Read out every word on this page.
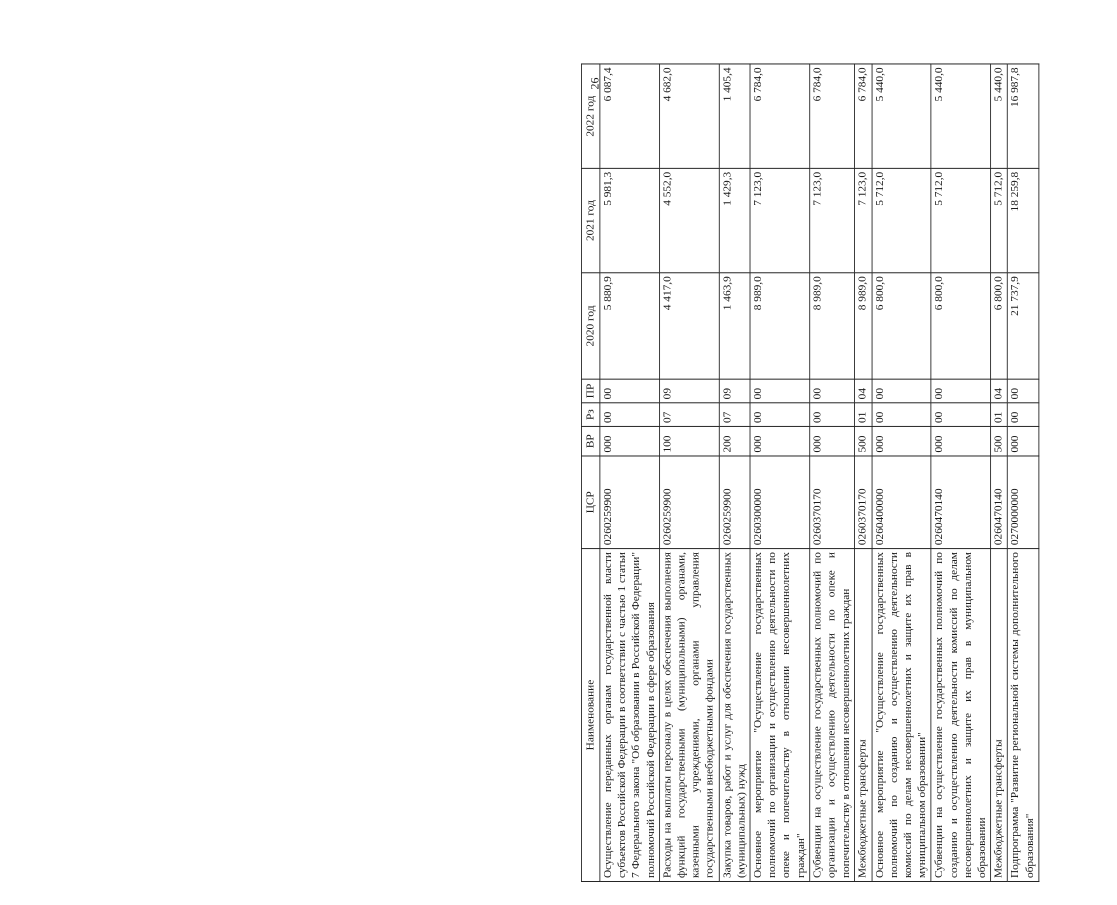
26
Наименование	ЦСР	ВР	Рз	ПР	2020 год	2021 год	2022 год
Осуществление переданных органам государственной власти субъектов Российской Федерации в соответствии с частью 1 статьи 7 Федерального закона "Об образовании в Российской Федерации" полномочий Российской Федерации в сфере образования	0260259900	000	00	00	5 880,9	5 981,3	6 087,4
Расходы на выплаты персоналу в целях обеспечения выполнения функций государственными (муниципальными) органами, казенными учреждениями, органами управления государственными внебюджетными фондами	0260259900	100	07	09	4 417,0	4 552,0	4 682,0
Закупка товаров, работ и услуг для обеспечения государственных (муниципальных) нужд	0260259900	200	07	09	1 463,9	1 429,3	1 405,4
Основное мероприятие "Осуществление государственных полномочий по организации и осуществлению деятельности по опеке и попечительству в отношении несовершеннолетних граждан"	0260300000	000	00	00	8 989,0	7 123,0	6 784,0
Субвенции на осуществление государственных полномочий по организации и осуществлению деятельности по опеке и попечительству в отношении несовершеннолетних граждан	0260370170	000	00	00	8 989,0	7 123,0	6 784,0
Межбюджетные трансферты	0260370170	500	01	04	8 989,0	7 123,0	6 784,0
Основное мероприятие "Осуществление государственных полномочий по созданию и осуществлению деятельности комиссий по делам несовершеннолетних и защите их прав в муниципальном образовании"	0260400000	000	00	00	6 800,0	5 712,0	5 440,0
Субвенции на осуществление государственных полномочий по созданию и осуществлению деятельности комиссий по делам несовершеннолетних и защите их прав в муниципальном образовании	0260470140	000	00	00	6 800,0	5 712,0	5 440,0
Межбюджетные трансферты	0260470140	500	01	04	6 800,0	5 712,0	5 440,0
Подпрограмма "Развитие региональной системы дополнительного образования"	0270000000	000	00	00	21 737,9	18 259,8	16 987,8
